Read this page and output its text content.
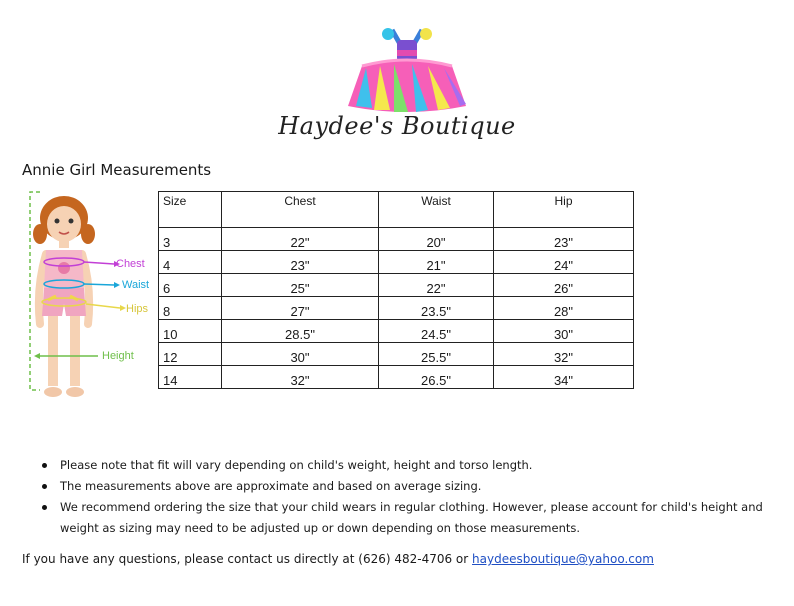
Haydee's Boutique
Annie Girl Measurements
Chest
Waist
Hips
Height
Size	Chest	Waist	Hip
3	22"	20"	23"
4	23"	21"	24"
6	25"	22"	26"
8	27"	23.5"	28"
10	28.5"	24.5"	30"
12	30"	25.5"	32"
14	32"	26.5"	34"
Please note that fit will vary depending on child's weight, height and torso length.
The measurements above are approximate and based on average sizing.
We recommend ordering the size that your child wears in regular clothing. However, please account for child's height and weight as sizing may need to be adjusted up or down depending on those measurements.
If you have any questions, please contact us directly at (626) 482-4706 or haydeesboutique@yahoo.com
